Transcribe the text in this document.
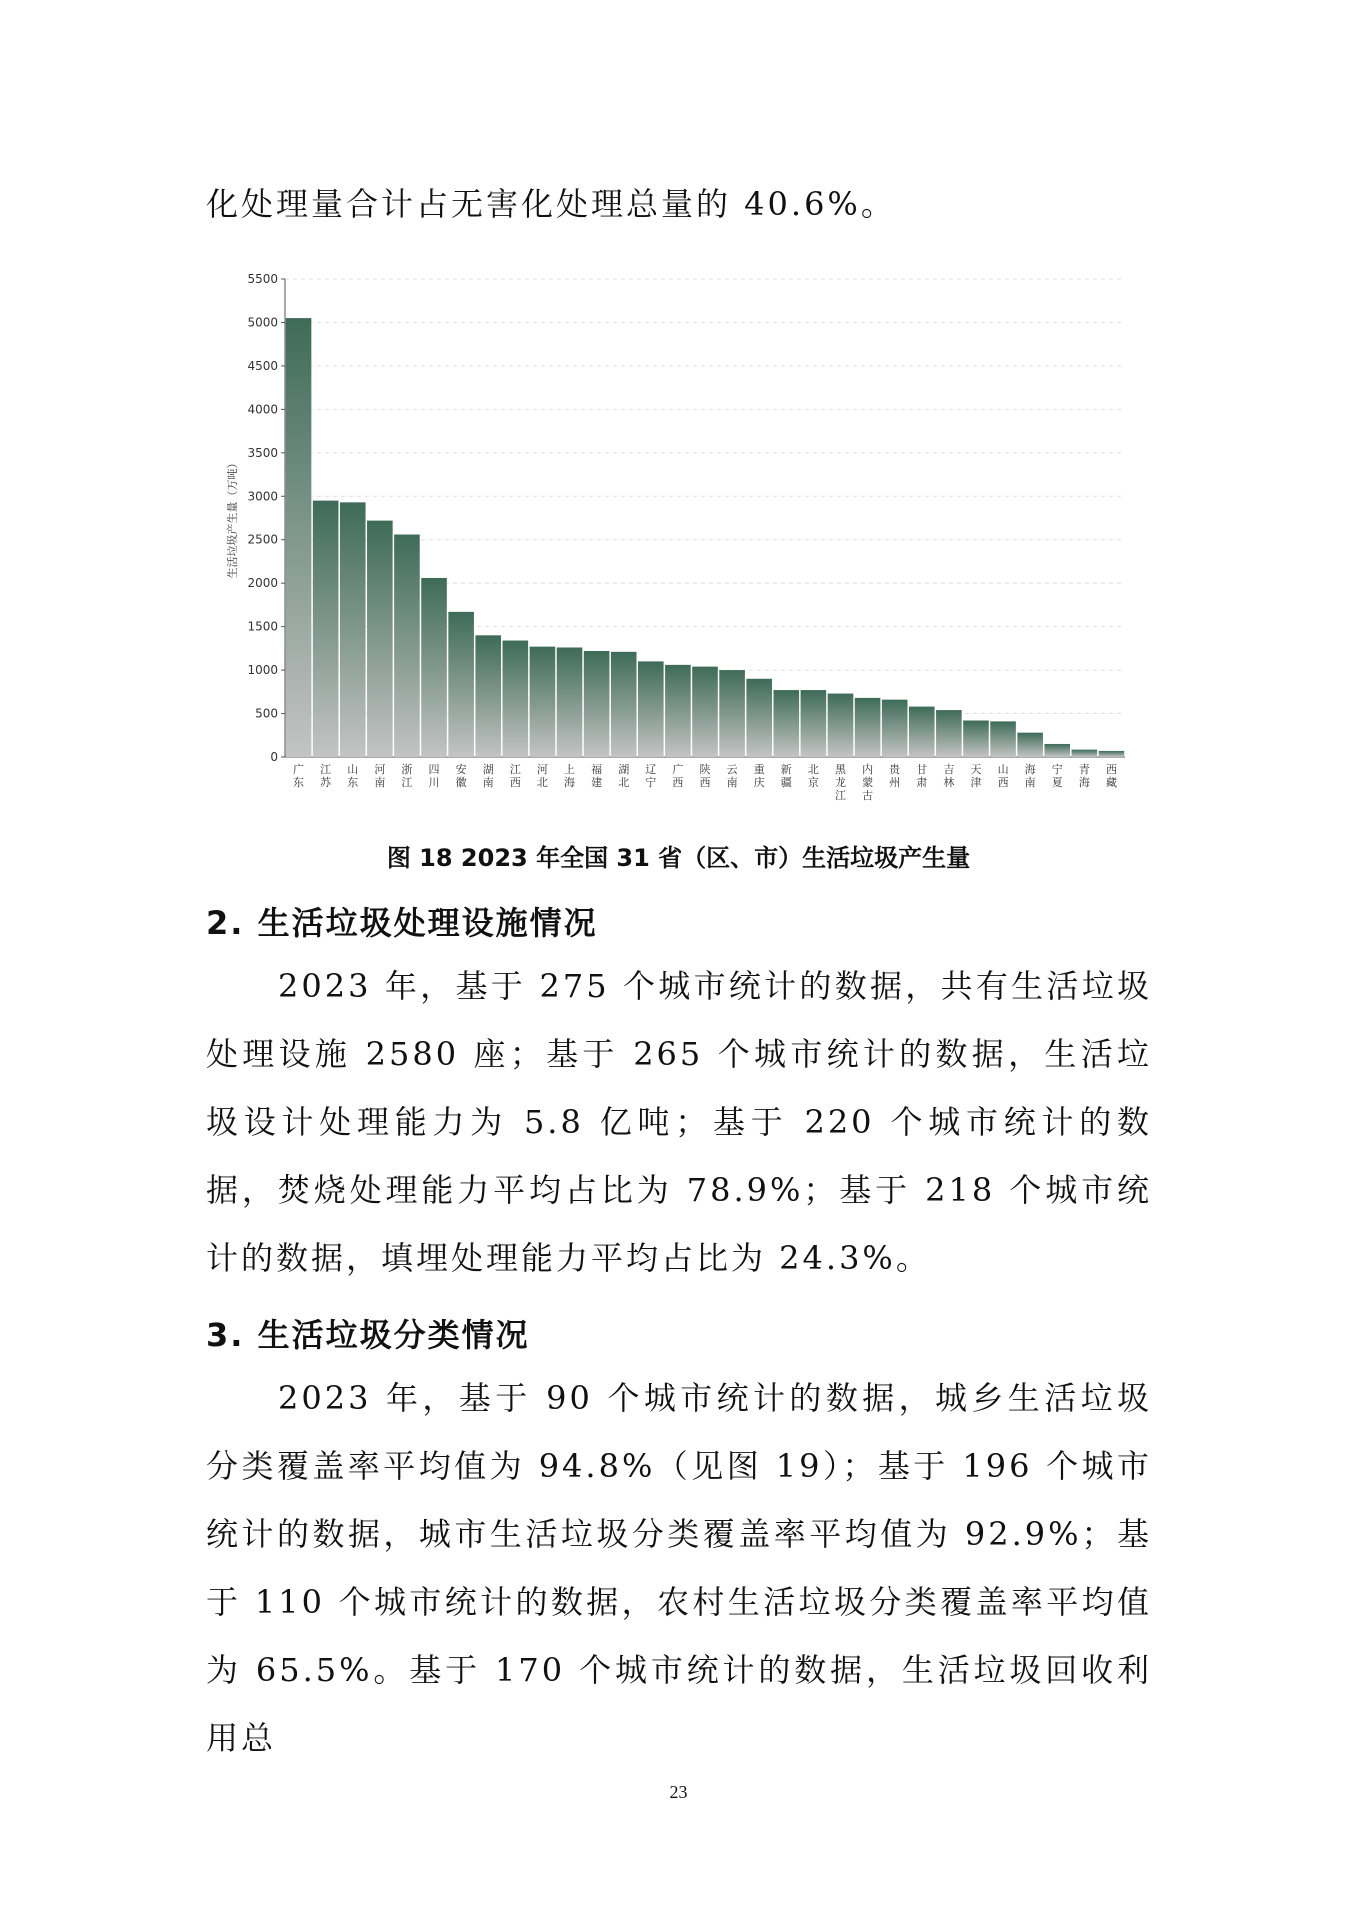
化处理量合计占无害化处理总量的 40.6%。

0
500
1000
1500
2000
2500
3000
3500
4000
4500
5000
5500
生活垃圾产生量（万吨）
广东
江苏
山东
河南
浙江
四川
安徽
湖南
江西
河北
上海
福建
湖北
辽宁
广西
陕西
云南
重庆
新疆
北京
黑龙江
内蒙古
贵州
甘肃
吉林
天津
山西
海南
宁夏
青海
西藏
图 18 2023 年全国 31 省（区、市）生活垃圾产生量
2. 生活垃圾处理设施情况

2023 年，基于 275 个城市统计的数据，共有生活垃圾处理设施 2580 座；基于 265 个城市统计的数据，生活垃圾设计处理能力为 5.8 亿吨；基于 220 个城市统计的数据，焚烧处理能力平均占比为 78.9%；基于 218 个城市统计的数据，填埋处理能力平均占比为 24.3%。

3. 生活垃圾分类情况

2023 年，基于 90 个城市统计的数据，城乡生活垃圾分类覆盖率平均值为 94.8%（见图 19）；基于 196 个城市统计的数据，城市生活垃圾分类覆盖率平均值为 92.9%；基于 110 个城市统计的数据，农村生活垃圾分类覆盖率平均值为 65.5%。基于 170 个城市统计的数据，生活垃圾回收利用总

23
